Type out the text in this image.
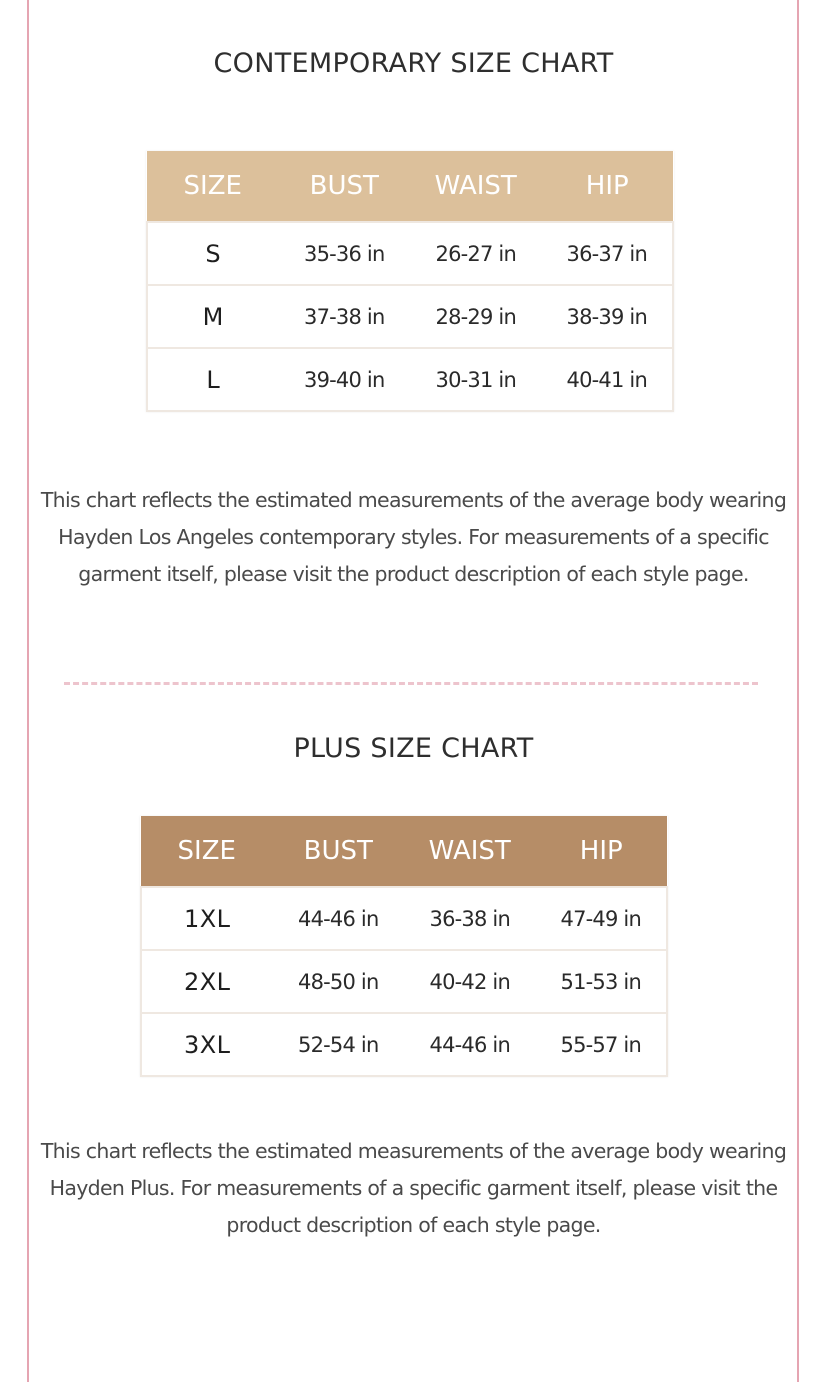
CONTEMPORARY SIZE CHART
SIZE	BUST	WAIST	HIP
S	35-36 in	26-27 in	36-37 in
M	37-38 in	28-29 in	38-39 in
L	39-40 in	30-31 in	40-41 in

This chart reflects the estimated measurements of the average body wearing Hayden Los Angeles contemporary styles. For measurements of a specific garment itself, please visit the product description of each style page.

PLUS SIZE CHART
SIZE	BUST	WAIST	HIP
1XL	44-46 in	36-38 in	47-49 in
2XL	48-50 in	40-42 in	51-53 in
3XL	52-54 in	44-46 in	55-57 in

This chart reflects the estimated measurements of the average body wearing Hayden Plus. For measurements of a specific garment itself, please visit the product description of each style page.
